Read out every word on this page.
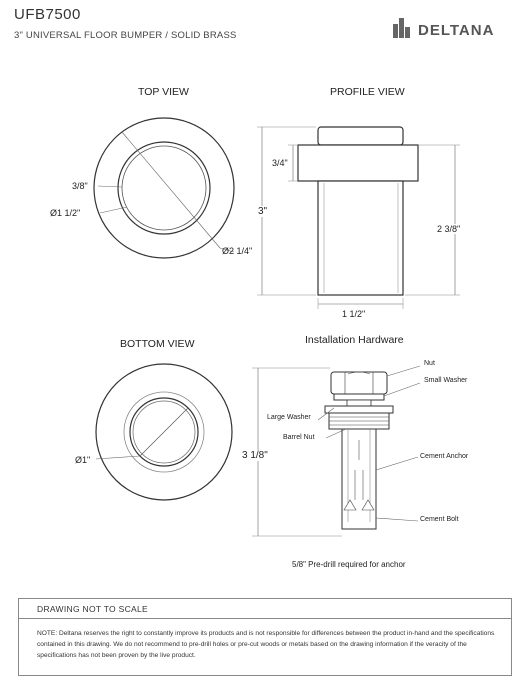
UFB7500
3" UNIVERSAL FLOOR BUMPER / SOLID BRASS	DELTANA
TOP VIEW
3/8"
Ø1 1/2"
Ø2 1/4"
PROFILE VIEW
3/4"
3"
2 3/8"
1 1/2"
BOTTOM VIEW
Ø1"
Installation Hardware
Nut
Small Washer
Large Washer
Barrel Nut
Cement Anchor
Cement Bolt
3 1/8"
5/8" Pre-drill required for anchor
DRAWING NOT TO SCALE
NOTE: Deltana reserves the right to constantly improve its products and is not responsible for differences between the product in-hand and the specifications contained in this drawing. We do not recommend to pre-drill holes or pre-cut woods or metals based on the drawing information if the veracity of the specifications has not been proven by the live product.
